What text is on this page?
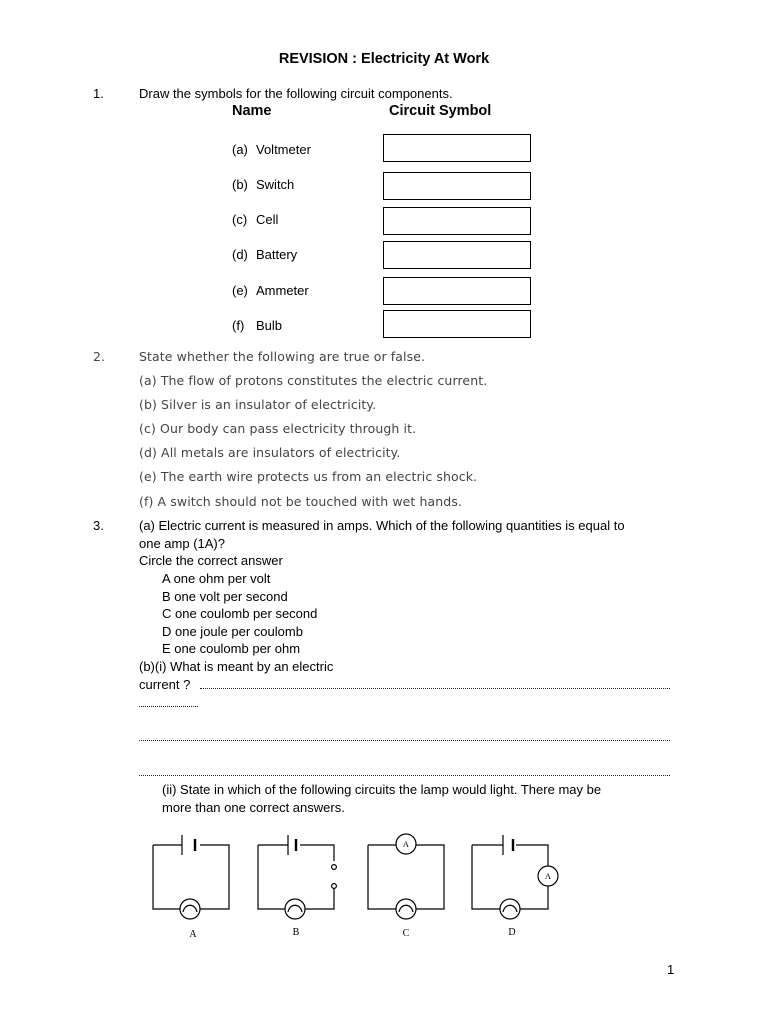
REVISION : Electricity At Work
1.	Draw the symbols for the following circuit components.
Name	Circuit Symbol
(a) Voltmeter
(b) Switch
(c) Cell
(d) Battery
(e) Ammeter
(f) Bulb
2.	State whether the following are true or false.
(a) The flow of protons constitutes the electric current.
(b) Silver is an insulator of electricity.
(c) Our body can pass electricity through it.
(d) All metals are insulators of electricity.
(e) The earth wire protects us from an electric shock.
(f) A switch should not be touched with wet hands.
3.	(a) Electric current is measured in amps. Which of the following quantities is equal to
one amp (1A)?
Circle the correct answer
A one ohm per volt
B one volt per second
C one coulomb per second
D one joule per coulomb
E one coulomb per ohm
(b)(i) What is meant by an electric
current ?
(ii) State in which of the following circuits the lamp would light. There may be
more than one correct answers.
A
A
A	B	C	D
1
